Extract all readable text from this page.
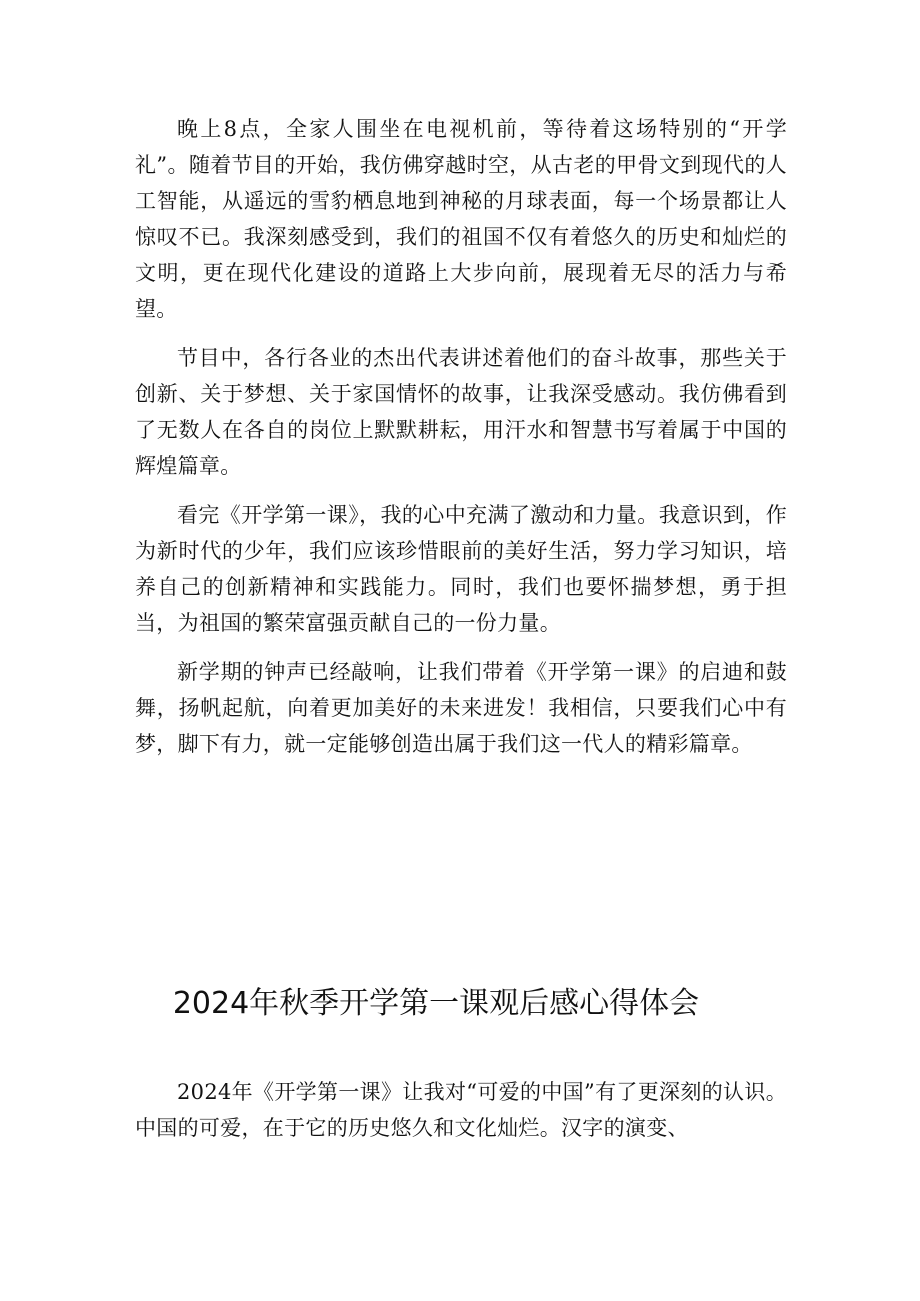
晚上8点，全家人围坐在电视机前，等待着这场特别的“开学礼”。随着节目的开始，我仿佛穿越时空，从古老的甲骨文到现代的人工智能，从遥远的雪豹栖息地到神秘的月球表面，每一个场景都让人惊叹不已。我深刻感受到，我们的祖国不仅有着悠久的历史和灿烂的文明，更在现代化建设的道路上大步向前，展现着无尽的活力与希望。

节目中，各行各业的杰出代表讲述着他们的奋斗故事，那些关于创新、关于梦想、关于家国情怀的故事，让我深受感动。我仿佛看到了无数人在各自的岗位上默默耕耘，用汗水和智慧书写着属于中国的辉煌篇章。

看完《开学第一课》，我的心中充满了激动和力量。我意识到，作为新时代的少年，我们应该珍惜眼前的美好生活，努力学习知识，培养自己的创新精神和实践能力。同时，我们也要怀揣梦想，勇于担当，为祖国的繁荣富强贡献自己的一份力量。

新学期的钟声已经敲响，让我们带着《开学第一课》的启迪和鼓舞，扬帆起航，向着更加美好的未来进发！我相信，只要我们心中有梦，脚下有力，就一定能够创造出属于我们这一代人的精彩篇章。

2024年秋季开学第一课观后感心得体会

2024年《开学第一课》让我对“可爱的中国”有了更深刻的认识。中国的可爱，在于它的历史悠久和文化灿烂。汉字的演变、
